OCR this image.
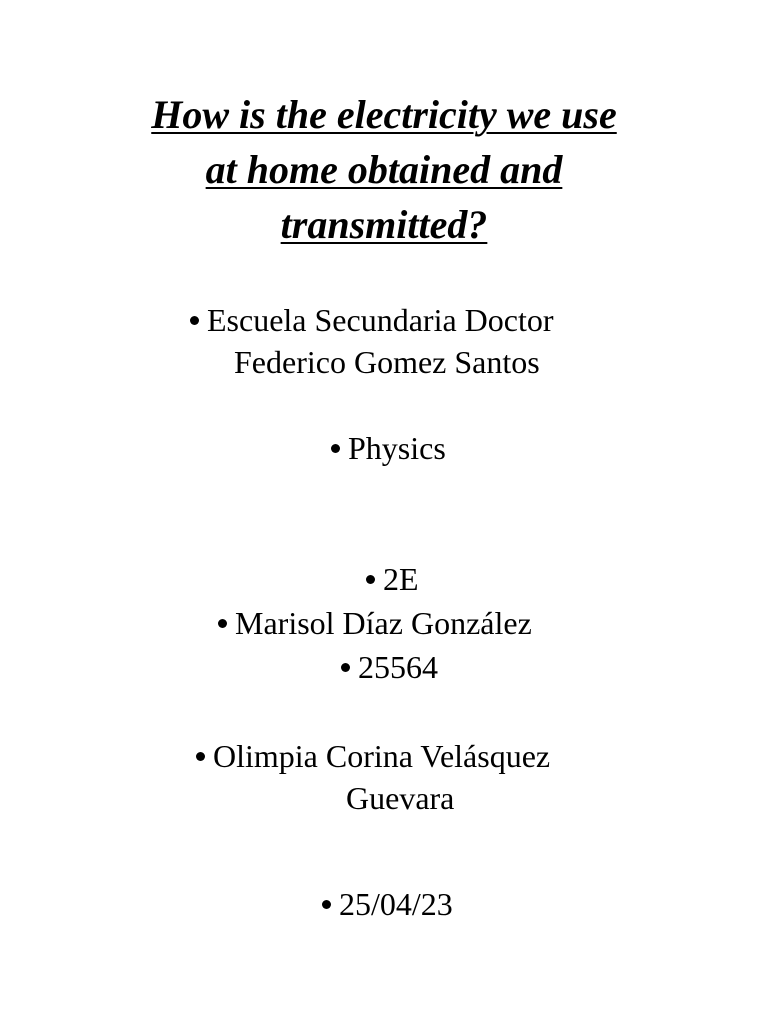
How is the electricity we use
at home obtained and
transmitted?
Escuela Secundaria Doctor
Federico Gomez Santos
Physics
2E
Marisol Díaz González
25564
Olimpia Corina Velásquez
Guevara
25/04/23
